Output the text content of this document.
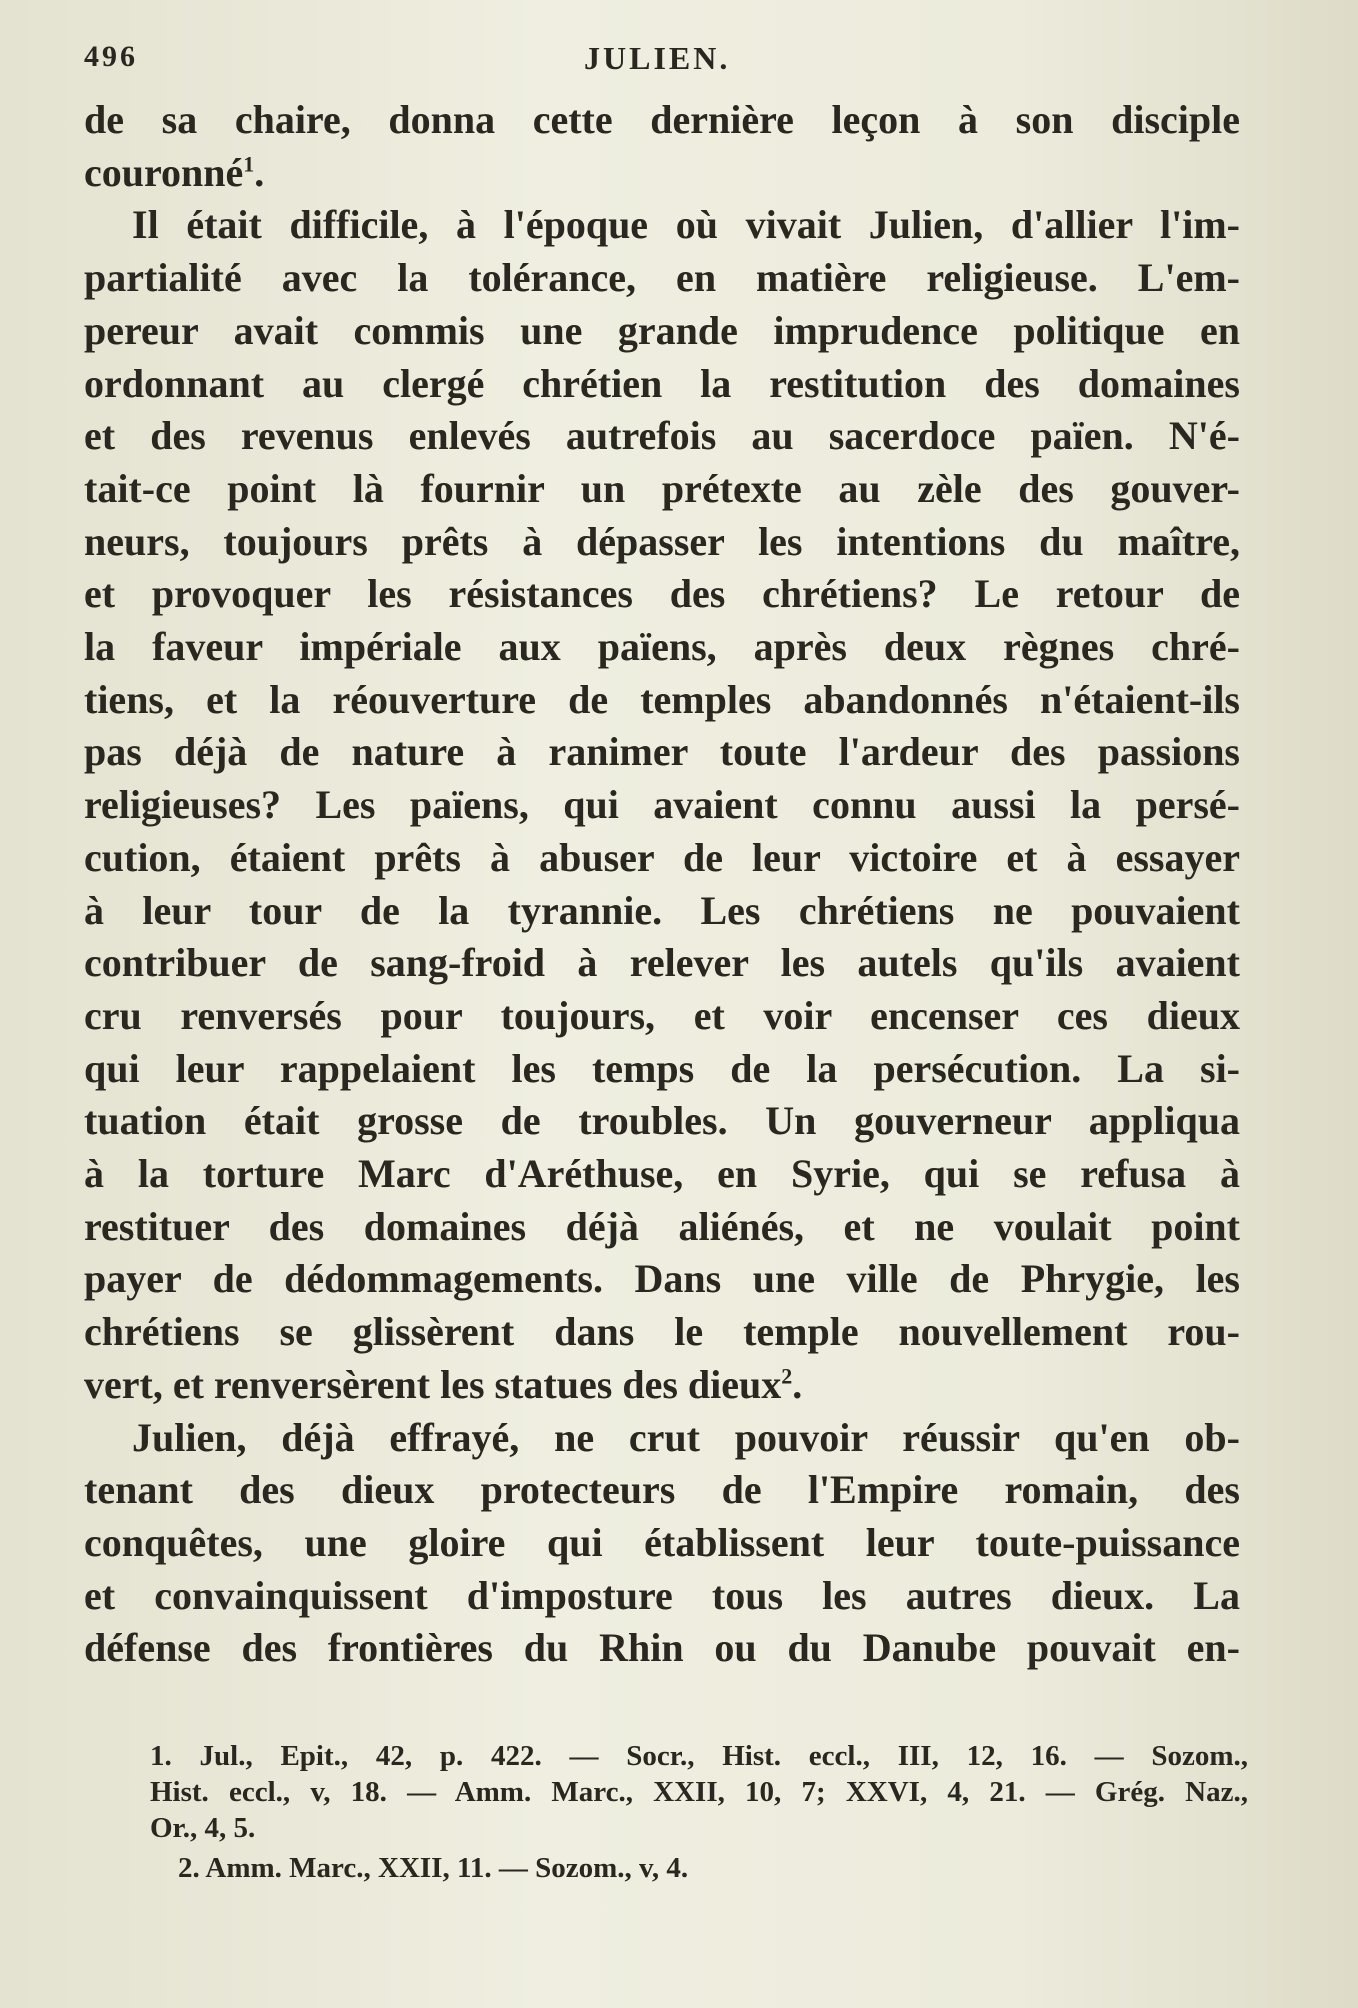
496	JULIEN.
de sa chaire, donna cette dernière leçon à son disciple
couronné$^1$.
Il était difficile, à l'époque où vivait Julien, d'allier l'im-
partialité avec la tolérance, en matière religieuse. L'em-
pereur avait commis une grande imprudence politique en
ordonnant au clergé chrétien la restitution des domaines
et des revenus enlevés autrefois au sacerdoce païen. N'é-
tait-ce point là fournir un prétexte au zèle des gouver-
neurs, toujours prêts à dépasser les intentions du maître,
et provoquer les résistances des chrétiens? Le retour de
la faveur impériale aux païens, après deux règnes chré-
tiens, et la réouverture de temples abandonnés n'étaient-ils
pas déjà de nature à ranimer toute l'ardeur des passions
religieuses? Les païens, qui avaient connu aussi la persé-
cution, étaient prêts à abuser de leur victoire et à essayer
à leur tour de la tyrannie. Les chrétiens ne pouvaient
contribuer de sang-froid à relever les autels qu'ils avaient
cru renversés pour toujours, et voir encenser ces dieux
qui leur rappelaient les temps de la persécution. La si-
tuation était grosse de troubles. Un gouverneur appliqua
à la torture Marc d'Aréthuse, en Syrie, qui se refusa à
restituer des domaines déjà aliénés, et ne voulait point
payer de dédommagements. Dans une ville de Phrygie, les
chrétiens se glissèrent dans le temple nouvellement rou-
vert, et renversèrent les statues des dieux$^2$.
Julien, déjà effrayé, ne crut pouvoir réussir qu'en ob-
tenant des dieux protecteurs de l'Empire romain, des
conquêtes, une gloire qui établissent leur toute-puissance
et convainquissent d'imposture tous les autres dieux. La
défense des frontières du Rhin ou du Danube pouvait en-
1. Jul., Epit., 42, p. 422. — Socr., Hist. eccl., III, 12, 16. — Sozom.,
Hist. eccl., v, 18. — Amm. Marc., XXII, 10, 7; XXVI, 4, 21. — Grég. Naz.,
Or., 4, 5.
2. Amm. Marc., XXII, 11. — Sozom., v, 4.
